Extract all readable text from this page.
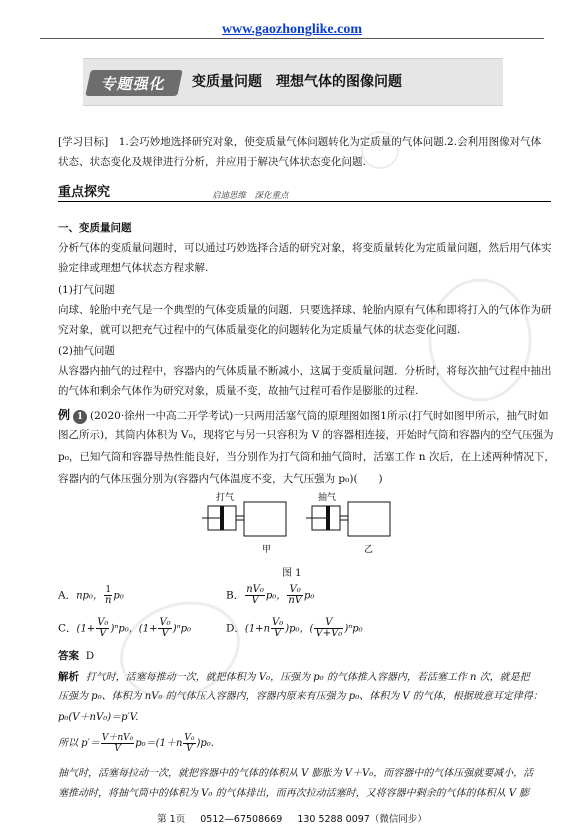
www.gaozhonglike.com
专题强化	变质量问题　理想气体的图像问题
[学习目标]　1.会巧妙地选择研究对象，使变质量气体问题转化为定质量的气体问题.2.会利用图像对气体状态、状态变化及规律进行分析，并应用于解决气体状态变化问题.
重点探究	启迪思维　深化重点
一、变质量问题
分析气体的变质量问题时，可以通过巧妙选择合适的研究对象，将变质量转化为定质量问题，然后用气体实
验定律或理想气体状态方程求解.
(1)打气问题
向球、轮胎中充气是一个典型的气体变质量的问题．只要选择球、轮胎内原有气体和即将打入的气体作为研
究对象，就可以把充气过程中的气体质量变化的问题转化为定质量气体的状态变化问题.
(2)抽气问题
从容器内抽气的过程中，容器内的气体质量不断减小，这属于变质量问题．分析时，将每次抽气过程中抽出
的气体和剩余气体作为研究对象，质量不变，故抽气过程可看作是膨胀的过程.
例 1 (2020·徐州一中高二开学考试)一只两用活塞气筒的原理图如图1所示(打气时如图甲所示，抽气时如
图乙所示)，其筒内体积为 V₀，现将它与另一只容积为 V 的容器相连接，开始时气筒和容器内的空气压强为
p₀，已知气筒和容器导热性能良好，当分别作为打气筒和抽气筒时，活塞工作 n 次后，在上述两种情况下，
容器内的气体压强分别为(容器内气体温度不变，大气压强为 p₀)(　　)
打气	抽气
甲	乙
图 1
A．np₀， $\frac{1}{n} p_0$	B． $\frac{\text{nV₀}}{V} p_0$， $\frac{\text{V₀}}{nV} p_0$
C．$(1+ \frac{\text{V₀}}{V} )^np_0$，$(1+ \frac{\text{V₀}}{V} )^np_0$	D．$(1+n \frac{\text{V₀}}{V} )p_0$，( $\frac{V}{\text{V+V₀}} )^np_0$
答案 D
解析 打气时，活塞每推动一次，就把体积为 V₀，压强为 p₀ 的气体推入容器内，若活塞工作 n 次，就是把
压强为 p₀、体积为 nV₀ 的气体压入容器内，容器内原来有压强为 p₀、体积为 V 的气体，根据玻意耳定律得：
p₀(V＋nV₀)＝p′V.
所以 $p'= \frac{\text{V＋nV₀}}{V} p_0=(1+n \frac{\text{V₀}}{V} )p_0$.
抽气时，活塞每拉动一次，就把容器中的气体的体积从 V 膨胀为 V＋V₀，而容器中的气体压强就要减小，活
塞推动时，将抽气筒中的体积为 V₀ 的气体排出，而再次拉动活塞时，又将容器中剩余的气体的体积从 V 膨
第 1页 0512—67508669 130 5288 0097（微信同步）
